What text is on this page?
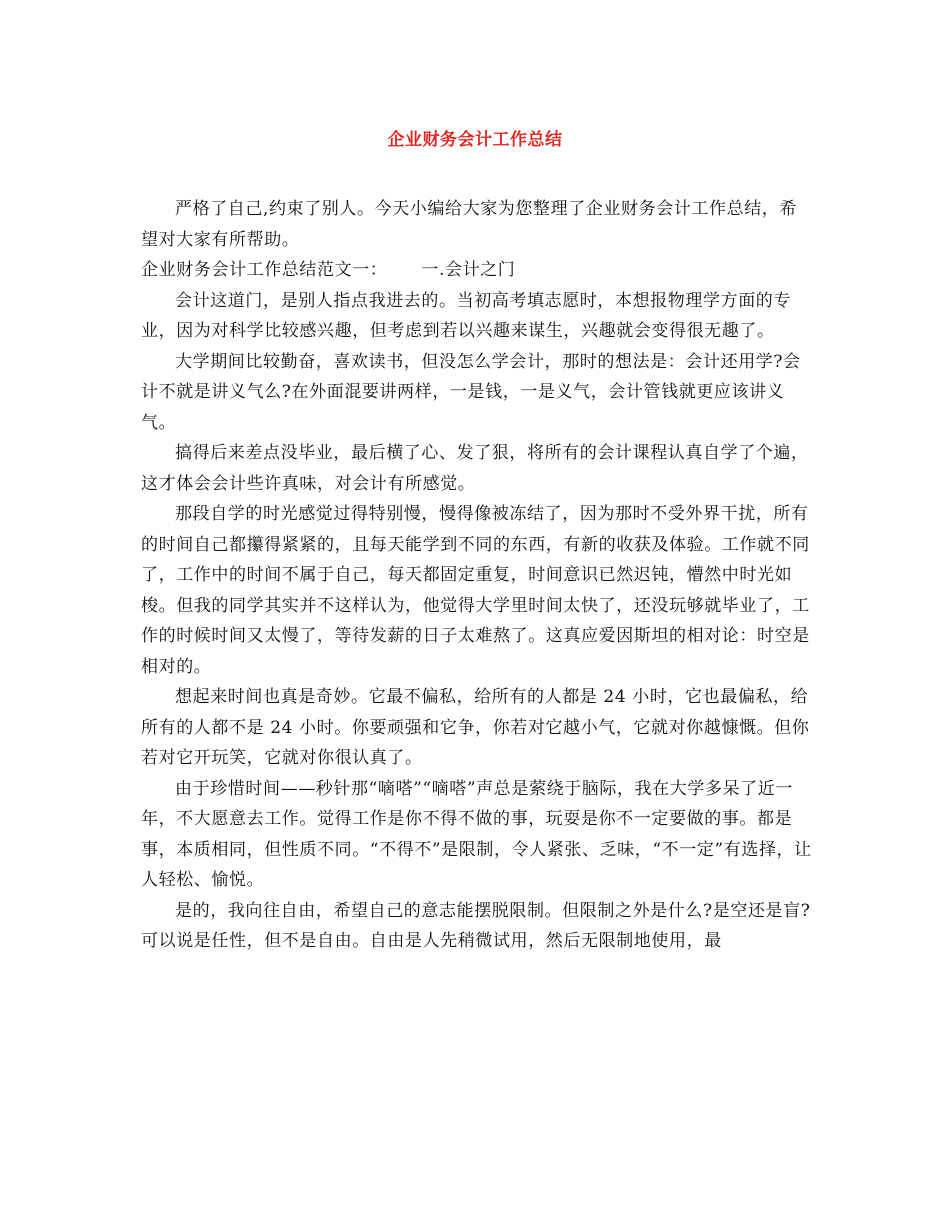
企业财务会计工作总结

严格了自己,约束了别人。今天小编给大家为您整理了企业财务会计工作总结，希望对大家有所帮助。

企业财务会计工作总结范文一： 一.会计之门

会计这道门，是别人指点我进去的。当初高考填志愿时，本想报物理学方面的专业，因为对科学比较感兴趣，但考虑到若以兴趣来谋生，兴趣就会变得很无趣了。

大学期间比较勤奋，喜欢读书，但没怎么学会计，那时的想法是：会计还用学?会计不就是讲义气么?在外面混要讲两样，一是钱，一是义气，会计管钱就更应该讲义气。

搞得后来差点没毕业，最后横了心、发了狠，将所有的会计课程认真自学了个遍，这才体会会计些许真味，对会计有所感觉。

那段自学的时光感觉过得特别慢，慢得像被冻结了，因为那时不受外界干扰，所有的时间自己都攥得紧紧的，且每天能学到不同的东西，有新的收获及体验。工作就不同了，工作中的时间不属于自己，每天都固定重复，时间意识已然迟钝，懵然中时光如梭。但我的同学其实并不这样认为，他觉得大学里时间太快了，还没玩够就毕业了，工作的时候时间又太慢了，等待发薪的日子太难熬了。这真应爱因斯坦的相对论：时空是相对的。

想起来时间也真是奇妙。它最不偏私，给所有的人都是 24 小时，它也最偏私，给所有的人都不是 24 小时。你要顽强和它争，你若对它越小气，它就对你越慷慨。但你若对它开玩笑，它就对你很认真了。

由于珍惜时间——秒针那“嘀嗒”“嘀嗒”声总是萦绕于脑际，我在大学多呆了近一年，不大愿意去工作。觉得工作是你不得不做的事，玩耍是你不一定要做的事。都是事，本质相同，但性质不同。“不得不”是限制，令人紧张、乏味，“不一定”有选择，让人轻松、愉悦。

是的，我向往自由，希望自己的意志能摆脱限制。但限制之外是什么?是空还是盲?可以说是任性，但不是自由。自由是人先稍微试用，然后无限制地使用，最
